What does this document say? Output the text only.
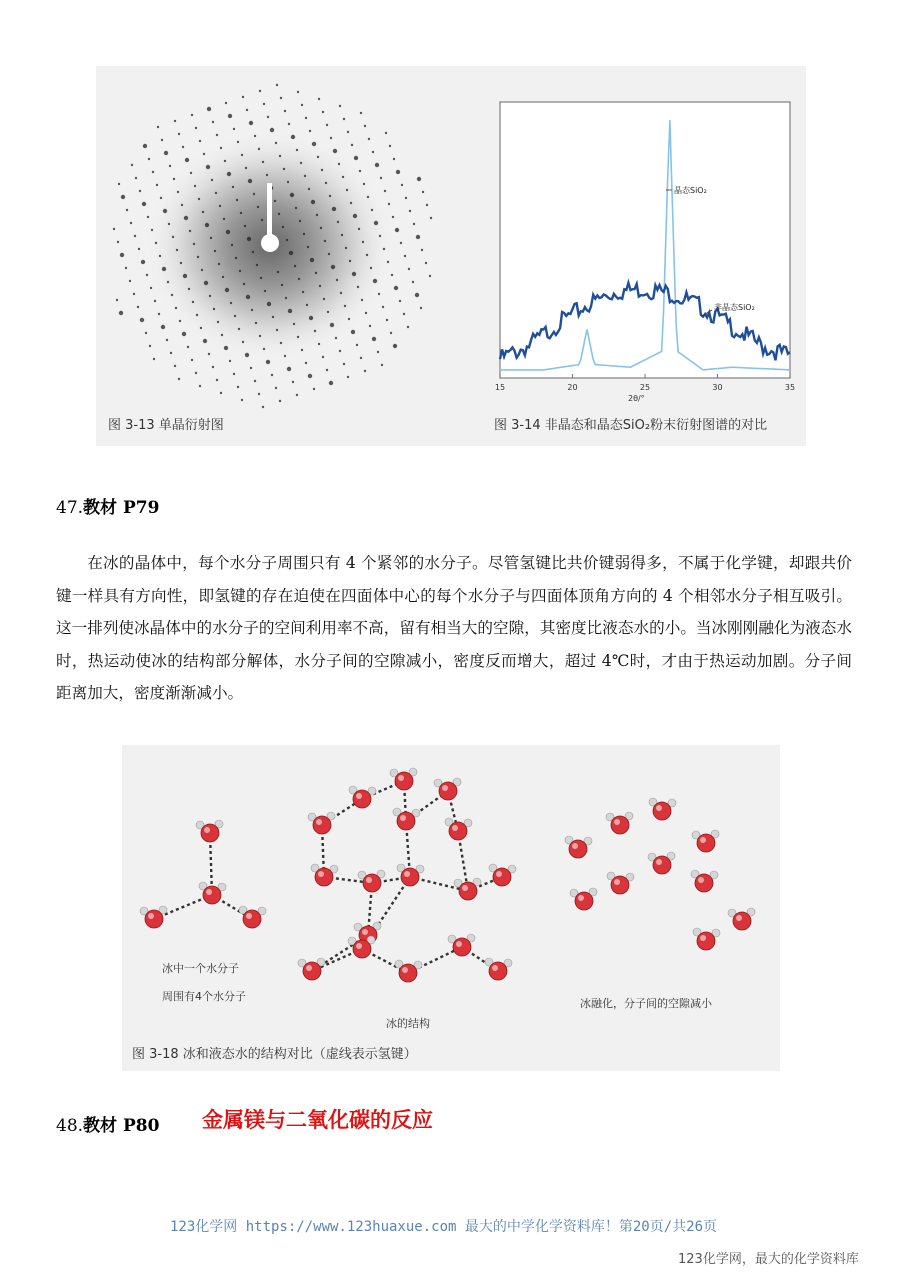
图 3-13 单晶衍射图
15	20	25	30	35
晶态SiO₂
非晶态SiO₂
2θ/°
图 3-14 非晶态和晶态SiO₂粉末衍射图谱的对比
47.教材 P79

在冰的晶体中，每个水分子周围只有 4 个紧邻的水分子。尽管氢键比共价键弱得多，不属于化学键，却跟共价键一样具有方向性，即氢键的存在迫使在四面体中心的每个水分子与四面体顶角方向的 4 个相邻水分子相互吸引。这一排列使冰晶体中的水分子的空间利用率不高，留有相当大的空隙，其密度比液态水的小。当冰刚刚融化为液态水时，热运动使冰的结构部分解体，水分子间的空隙减小，密度反而增大，超过 4℃时，才由于热运动加剧。分子间距离加大，密度渐渐减小。

冰中一个水分子
周围有4个水分子
冰的结构
冰融化，分子间的空隙减小
图 3-18 冰和液态水的结构对比（虚线表示氢键）
48.教材 P80 金属镁与二氧化碳的反应
123化学网 https://www.123huaxue.com 最大的中学化学资料库！第20页/共26页
123化学网，最大的化学资料库
